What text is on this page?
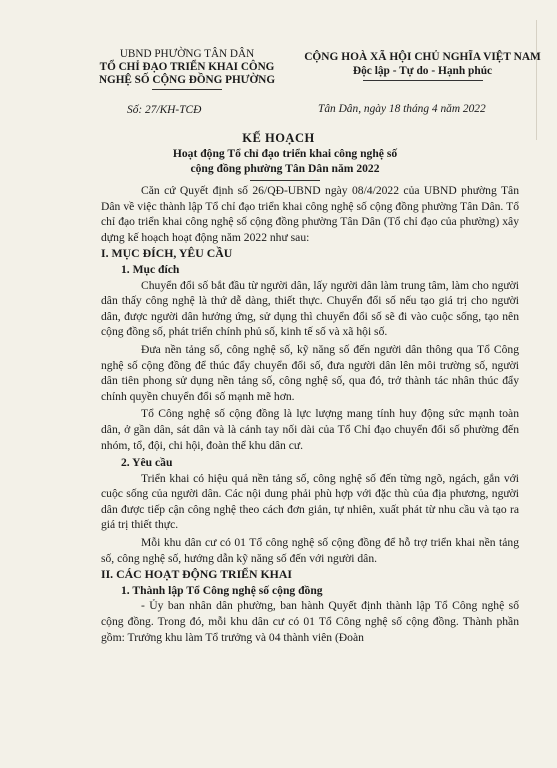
UBND PHƯỜNG TÂN DÂN
TỔ CHỈ ĐẠO TRIỂN KHAI CÔNG
NGHỆ SỐ CỘNG ĐỒNG PHƯỜNG
CỘNG HOÀ XÃ HỘI CHỦ NGHĨA VIỆT NAM
Độc lập - Tự do - Hạnh phúc
Số: 27/KH-TCĐ	Tân Dân, ngày 18 tháng 4 năm 2022
KẾ HOẠCH
Hoạt động Tổ chỉ đạo triển khai công nghệ số
cộng đồng phường Tân Dân năm 2022

Căn cứ Quyết định số 26/QĐ-UBND ngày 08/4/2022 của UBND phường Tân Dân về việc thành lập Tổ chỉ đạo triển khai công nghệ số cộng đồng phường Tân Dân. Tổ chỉ đạo triển khai công nghệ số cộng đồng phường Tân Dân (Tổ chỉ đạo của phường) xây dựng kế hoạch hoạt động năm 2022 như sau:

I. MỤC ĐÍCH, YÊU CẦU

1. Mục đích

Chuyển đổi số bắt đầu từ người dân, lấy người dân làm trung tâm, làm cho người dân thấy công nghệ là thứ dễ dàng, thiết thực. Chuyển đổi số nếu tạo giá trị cho người dân, được người dân hưởng ứng, sử dụng thì chuyển đổi số sẽ đi vào cuộc sống, tạo nên cộng đồng số, phát triển chính phủ số, kinh tế số và xã hội số.

Đưa nền tảng số, công nghệ số, kỹ năng số đến người dân thông qua Tổ Công nghệ số cộng đồng để thúc đẩy chuyển đổi số, đưa người dân lên môi trường số, người dân tiên phong sử dụng nền tảng số, công nghệ số, qua đó, trở thành tác nhân thúc đẩy chính quyền chuyển đổi số mạnh mẽ hơn.

Tổ Công nghệ số cộng đồng là lực lượng mang tính huy động sức mạnh toàn dân, ở gần dân, sát dân và là cánh tay nối dài của Tổ Chỉ đạo chuyển đổi số phường đến nhóm, tổ, đội, chi hội, đoàn thể khu dân cư.

2. Yêu cầu

Triển khai có hiệu quả nền tảng số, công nghệ số đến từng ngõ, ngách, gắn với cuộc sống của người dân. Các nội dung phải phù hợp với đặc thù của địa phương, người dân được tiếp cận công nghệ theo cách đơn giản, tự nhiên, xuất phát từ nhu cầu và tạo ra giá trị thiết thực.

Mỗi khu dân cư có 01 Tổ công nghệ số cộng đồng để hỗ trợ triển khai nền tảng số, công nghệ số, hướng dẫn kỹ năng số đến với người dân.

II. CÁC HOẠT ĐỘNG TRIỂN KHAI

1. Thành lập Tổ Công nghệ số cộng đồng

- Ủy ban nhân dân phường, ban hành Quyết định thành lập Tổ Công nghệ số cộng đồng. Trong đó, mỗi khu dân cư có 01 Tổ Công nghệ số cộng đồng. Thành phần gồm: Trưởng khu làm Tổ trưởng và 04 thành viên (Đoàn
